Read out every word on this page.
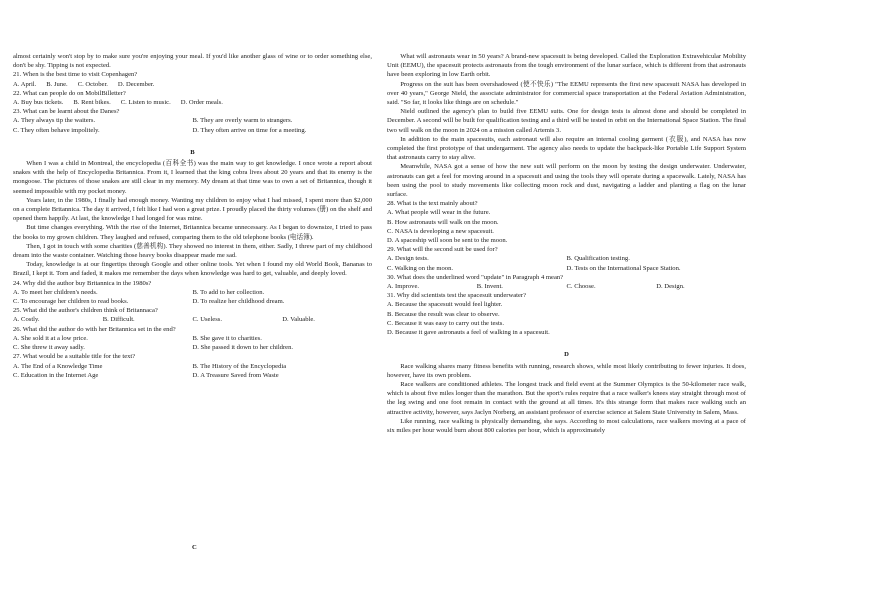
almost certainly won't stop by to make sure you're enjoying your meal. If you'd like another glass of wine or to order something else, don't be shy. Tipping is not expected.

21. When is the best time to visit Copenhagen?

A. April. B. June. C. October. D. December.

22. What can people do on MobilBilletter?

A. Buy bus tickets. B. Rent bikes. C. Listen to music. D. Order meals.

23. What can be learnt about the Danes?

A. They always tip the waiters.	B. They are overly warm to strangers.
C. They often behave impolitely.	D. They often arrive on time for a meeting.
B

When I was a child in Montreal, the encyclopedia (百科全书) was the main way to get knowledge. I once wrote a report about snakes with the help of Encyclopedia Britannica. From it, I learned that the king cobra lives about 20 years and that its enemy is the mongoose. The pictures of those snakes are still clear in my memory. My dream at that time was to own a set of Britannica, though it seemed impossible with my pocket money.

Years later, in the 1980s, I finally had enough money. Wanting my children to enjoy what I had missed, I spent more than $2,000 on a complete Britannica. The day it arrived, I felt like I had won a great prize. I proudly placed the thirty volumes (册) on the shelf and opened them happily. At last, the knowledge I had longed for was mine.

But time changes everything. With the rise of the Internet, Britannica became unnecessary. As I began to downsize, I tried to pass the books to my grown children. They laughed and refused, comparing them to the old telephone books (电话簿).

Then, I got in touch with some charities (慈善机构). They showed no interest in them, either. Sadly, I threw part of my childhood dream into the waste container. Watching those heavy books disappear made me sad.

Today, knowledge is at our fingertips through Google and other online tools. Yet when I found my old World Book, Bananas to Brazil, I kept it. Torn and faded, it makes me remember the days when knowledge was hard to get, valuable, and deeply loved.

24. Why did the author buy Britannica in the 1980s?

A. To meet her children's needs.	B. To add to her collection.
C. To encourage her children to read books.	D. To realize her childhood dream.

25. What did the author's children think of Britannaca?

A. Costly.	B. Difficult.	C. Useless.	D. Valuable.

26. What did the author do with her Britannica set in the end?

A. She sold it at a low price.	B. She gave it to charities.
C. She threw it away sadly.	D. She passed it down to her children.

27. What would be a suitable title for the text?

A. The End of a Knowledge Time	B. The History of the Encyclopedia
C. Education in the Internet Age	D. A Treasure Saved from Waste
C

What will astronauts wear in 50 years? A brand-new spacesuit is being developed. Called the Exploration Extravehicular Mobility Unit (EEMU), the spacesuit protects astronauts from the tough environment of the lunar surface, which is different from that astronauts have been exploring in low Earth orbit.

Progress on the suit has been overshadowed (使不快乐) "The EEMU represents the first new spacesuit NASA has developed in over 40 years," George Nield, the associate administrator for commercial space transportation at the Federal Aviation Administration, said. "So far, it looks like things are on schedule."

Nield outlined the agency's plan to build five EEMU suits. One for design tests is almost done and should be completed in December. A second will be built for qualification testing and a third will be tested in orbit on the International Space Station. The final two will walk on the moon in 2024 on a mission called Artemis 3.

In addition to the main spacesuits, each astronaut will also require an internal cooling garment (衣服), and NASA has now completed the first prototype of that undergarment. The agency also needs to update the backpack-like Portable Life Support System that astronauts carry to stay alive.

Meanwhile, NASA got a sense of how the new suit will perform on the moon by testing the design underwater. Underwater, astronauts can get a feel for moving around in a spacesuit and using the tools they will operate during a spacewalk. Lately, NASA has been using the pool to study movements like collecting moon rock and dust, navigating a ladder and planting a flag on the lunar surface.

28. What is the text mainly about?

A. What people will wear in the future.

B. How astronauts will walk on the moon.

C. NASA is developing a new spacesuit.

D. A spaceship will soon be sent to the moon.

29. What will the second suit be used for?

A. Design tests.	B. Qualification testing.
C. Walking on the moon.	D. Tests on the International Space Station.

30. What does the underlined word "update" in Paragraph 4 mean?

A. Improve.	B. Invent.	C. Choose.	D. Design.

31. Why did scientists test the spacesuit underwater?

A. Because the spacesuit would feel lighter.

B. Because the result was clear to observe.

C. Because it was easy to carry out the tests.

D. Because it gave astronauts a feel of walking in a spacesuit.

D

Race walking shares many fitness benefits with running, research shows, while most likely contributing to fewer injuries. It does, however, have its own problem.

Race walkers are conditioned athletes. The longest track and field event at the Summer Olympics is the 50-kilometer race walk, which is about five miles longer than the marathon. But the sport's rules require that a race walker's knees stay straight through most of the leg swing and one foot remain in contact with the ground at all times. It's this strange form that makes race walking such an attractive activity, however, says Jaclyn Norberg, an assistant professor of exercise science at Salem State University in Salem, Mass.

Like running, race walking is physically demanding, she says. According to most calculations, race walkers moving at a pace of six miles per hour would burn about 800 calories per hour, which is approximately
